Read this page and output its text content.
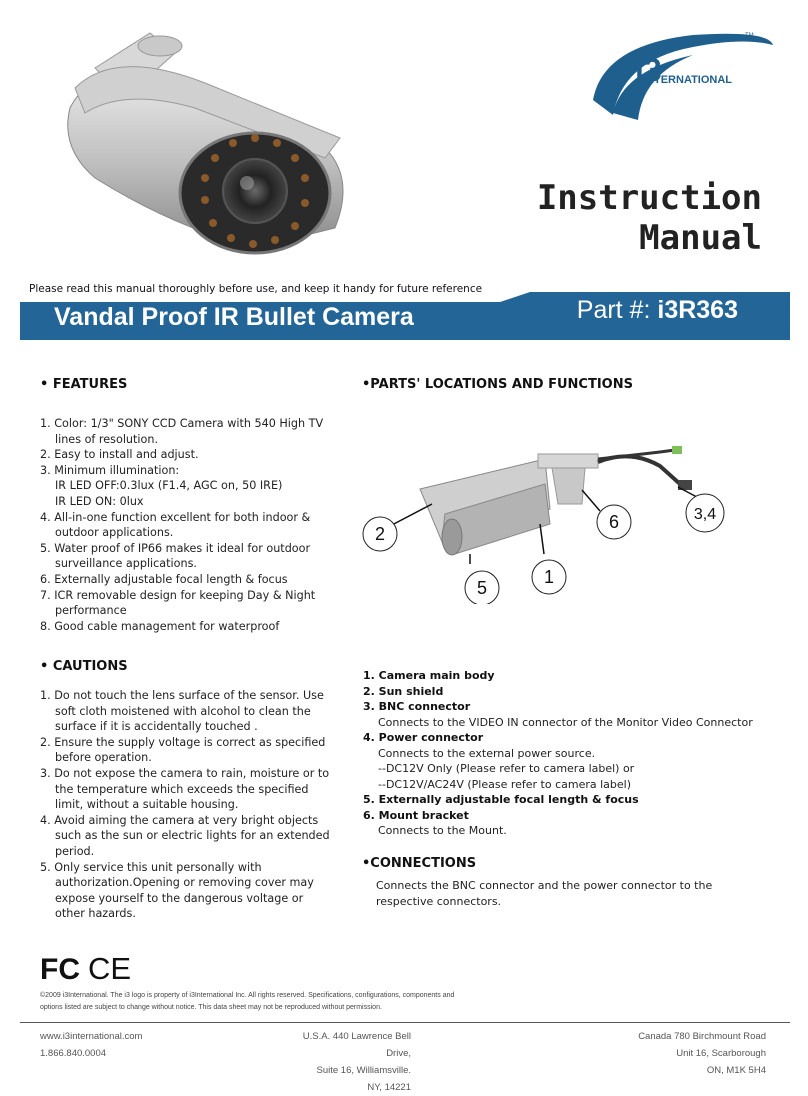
i3
INTERNATIONAL
TM
Instruction
Manual
Please read this manual thoroughly before use, and keep it handy for future reference
Vandal Proof IR Bullet Camera	Part #: i3R363
• FEATURES
1. Color: 1/3" SONY CCD Camera with 540 High TV lines of resolution.
2. Easy to install and adjust.
3. Minimum illumination:
IR LED OFF:0.3lux (F1.4, AGC on, 50 IRE)
IR LED ON: 0lux
4. All-in-one function excellent for both indoor & outdoor applications.
5. Water proof of IP66 makes it ideal for outdoor surveillance applications.
6. Externally adjustable focal length & focus
7. ICR removable design for keeping Day & Night performance
8. Good cable management for waterproof
• CAUTIONS
1. Do not touch the lens surface of the sensor. Use soft cloth moistened with alcohol to clean the surface if it is accidentally touched .
2. Ensure the supply voltage is correct as specified before operation.
3. Do not expose the camera to rain, moisture or to the temperature which exceeds the specified limit, without a suitable housing.
4. Avoid aiming the camera at very bright objects such as the sun or electric lights for an extended period.
5. Only service this unit personally with authorization.Opening or removing cover may expose yourself to the dangerous voltage or other hazards.
•PARTS' LOCATIONS AND FUNCTIONS
2
5
1
6	3,4
1. Camera main body
2. Sun shield
3. BNC connector
Connects to the VIDEO IN connector of the Monitor Video Connector
4. Power connector
Connects to the external power source.
--DC12V Only (Please refer to camera label) or
--DC12V/AC24V (Please refer to camera label)
5. Externally adjustable focal length & focus
6. Mount bracket
Connects to the Mount.
•CONNECTIONS
Connects the BNC connector and the power connector to the respective connectors.
FC CE
©2009 i3International. The i3 logo is property of i3International Inc. All rights reserved. Specifications, configurations, components and
options listed are subject to change without notice. This data sheet may not be reproduced without permission.
www.i3international.com
1.866.840.0004
U.S.A. 440 Lawrence Bell Drive,
Suite 16, Williamsville.
NY, 14221
Canada 780 Birchmount Road
Unit 16, Scarborough
ON, M1K 5H4
